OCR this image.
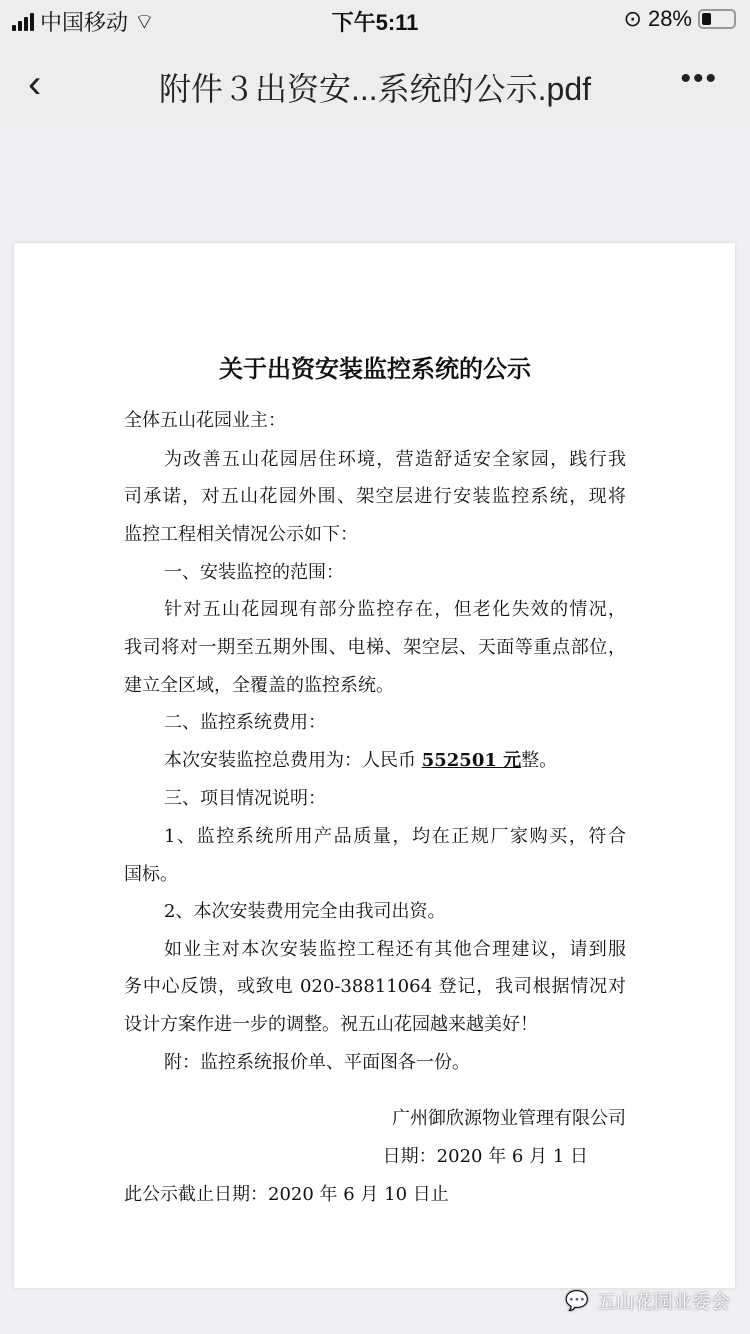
中国移动 ⌔	下午5:11	⊙ 28%
‹	附件３出资安...系统的公示.pdf	•••
关于出资安装监控系统的公示
全体五山花园业主：
为改善五山花园居住环境，营造舒适安全家园，践行我
司承诺，对五山花园外围、架空层进行安装监控系统，现将
监控工程相关情况公示如下：
一、安装监控的范围：
针对五山花园现有部分监控存在，但老化失效的情况，
我司将对一期至五期外围、电梯、架空层、天面等重点部位，
建立全区域，全覆盖的监控系统。
二、监控系统费用：
本次安装监控总费用为：人民币 552501 元整。
三、项目情况说明：
1、监控系统所用产品质量，均在正规厂家购买，符合
国标。
2、本次安装费用完全由我司出资。
如业主对本次安装监控工程还有其他合理建议，请到服
务中心反馈，或致电 020-38811064 登记，我司根据情况对
设计方案作进一步的调整。祝五山花园越来越美好！
附：监控系统报价单、平面图各一份。
广州御欣源物业管理有限公司
日期：2020 年 6 月 1 日
此公示截止日期：2020 年 6 月 10 日止
💬 五山花园业委会
